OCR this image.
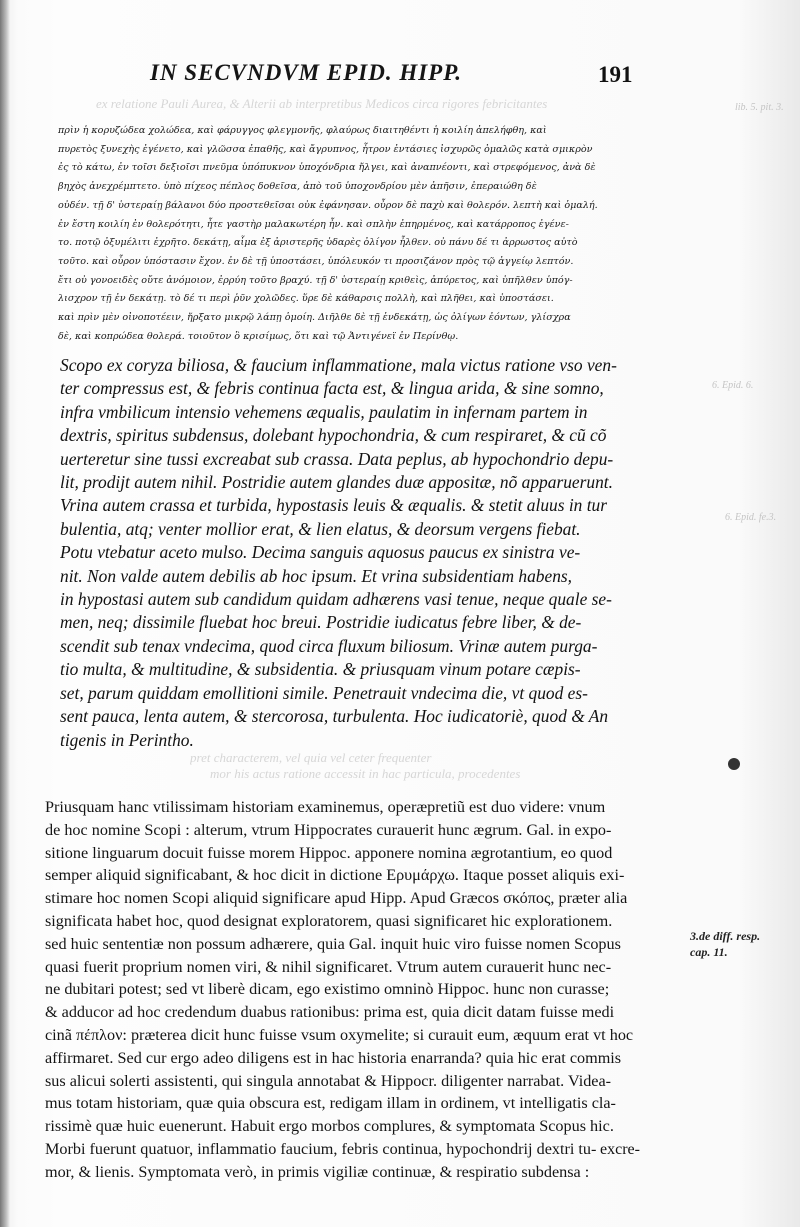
ex relatione Pauli Aurea, & Alterii ab interpretibus Medicos circa rigores febricitantes
pret characterem, vel quia vel ceter frequenter
mor his actus ratione accessit in hac particula, procedentes
lib. 5. pit. 3.
6. Epid. 6.
6. Epid. fe.3.
IN SECVNDVM EPID. HIPP.	191
πρὶν ἡ κορυζώδεα χολώδεα, καὶ φάρυγγος φλεγμονῆς, φλαύρως διαιτηθέντι ἡ κοιλίη ἀπελήφθη, καὶ
πυρετὸς ξυνεχὴς ἐγένετο, καὶ γλῶσσα ἐπαθῆς, καὶ ἄγρυπνος, ἦτρον ἐντάσιες ἰσχυρῶς ὁμαλῶς κατὰ σμικρὸν
ἐς τὸ κάτω, ἐν τοῖσι δεξιοῖσι πνεῦμα ὑπόπυκνον ὑποχόνδρια ἤλγει, καὶ ἀναπνέοντι, καὶ στρεφόμενος, ἀνὰ δὲ
βηχὸς ἀνεχρέμπτετο. ὑπὸ πίχεος πέπλος δοθεῖσα, ἀπὸ τοῦ ὑποχονδρίου μὲν ἀπῆσιν, ἐπεραιώθη δὲ
οὐδέν. τῇ δ' ὑστεραίῃ βάλανοι δύο προστεθεῖσαι οὐκ ἐφάνησαν. οὖρον δὲ παχὺ καὶ θολερόν. λεπτὴ καὶ ὁμαλή.
ἐν ἔστη κοιλίη ἐν θολερότητι, ἦτε γαστὴρ μαλακωτέρη ἦν. καὶ σπλὴν ἐπηρμένος, καὶ κατάρροπος ἐγένε-
το. ποτῷ ὀξυμέλιτι ἐχρῆτο. δεκάτῃ, αἷμα ἐξ ἀριστερῆς ὑδαρὲς ὀλίγον ἦλθεν. οὐ πάνυ δέ τι ἀρρωστος αὐτὸ
τοῦτο. καὶ οὖρον ὑπόστασιν ἔχον. ἐν δὲ τῇ ὑποστάσει, ὑπόλευκόν τι προσιζάνον πρὸς τῷ ἀγγείῳ λεπτόν.
ἔτι οὐ γονοειδὲς οὔτε ἀνόμοιον, ἐρρύη τοῦτο βραχύ. τῇ δ' ὑστεραίῃ κριθεὶς, ἀπύρετος, καὶ ὑπῆλθεν ὑπόγ-
λισχρον τῇ ἐν δεκάτῃ. τὸ δέ τι περὶ ῥῦν χολῶδες. ὕρε δὲ κάθαρσις πολλὴ, καὶ πλῆθει, καὶ ὑποστάσει.
καὶ πρὶν μὲν οἰνοποτέειν, ἤρξατο μικρῷ λάπῃ ὁμοίη. Διῆλθε δὲ τῇ ἑνδεκάτῃ, ὡς ὀλίγων ἐόντων, γλίσχρα
δὲ, καὶ κοπρώδεα θολερά. τοιοῦτον ὃ κρισίμως, ὅτι καὶ τῷ Ἀντιγένεϊ ἐν Περίνθῳ.
Scopo ex coryza biliosa, & faucium inflammatione, mala victus ratione vso ven-
ter compressus est, & febris continua facta est, & lingua arida, & sine somno,
infra vmbilicum intensio vehemens æqualis, paulatim in infernam partem in
dextris, spiritus subdensus, dolebant hypochondria, & cum respiraret, & cũ cõ
uerteretur sine tussi excreabat sub crassa. Data peplus, ab hypochondrio depu-
lit, prodijt autem nihil. Postridie autem glandes duæ appositæ, nõ apparuerunt.
Vrina autem crassa et turbida, hypostasis leuis & æqualis. & stetit aluus in tur
bulentia, atq; venter mollior erat, & lien elatus, & deorsum vergens fiebat.
Potu vtebatur aceto mulso. Decima sanguis aquosus paucus ex sinistra ve-
nit. Non valde autem debilis ab hoc ipsum. Et vrina subsidentiam habens,
in hypostasi autem sub candidum quidam adhærens vasi tenue, neque quale se-
men, neq; dissimile fluebat hoc breui. Postridie iudicatus febre liber, & de-
scendit sub tenax vndecima, quod circa fluxum biliosum. Vrinæ autem purga-
tio multa, & multitudine, & subsidentia. & priusquam vinum potare cæpis-
set, parum quiddam emollitioni simile. Penetrauit vndecima die, vt quod es-
sent pauca, lenta autem, & stercorosa, turbulenta. Hoc iudicatoriè, quod & An
tigenis in Perintho.
Priusquam hanc vtilissimam historiam examinemus, operæpretiũ est duo videre: vnum
de hoc nomine Scopi : alterum, vtrum Hippocrates curauerit hunc ægrum. Gal. in expo-
sitione linguarum docuit fuisse morem Hippoc. apponere nomina ægrotantium, eo quod
semper aliquid significabant, & hoc dicit in dictione Ερυμάρχω. Itaque posset aliquis exi-
stimare hoc nomen Scopi aliquid significare apud Hipp. Apud Græcos σκόπος, præter alia
significata habet hoc, quod designat exploratorem, quasi significaret hic explorationem.
sed huic sententiæ non possum adhærere, quia Gal. inquit huic viro fuisse nomen Scopus
quasi fuerit proprium nomen viri, & nihil significaret. Vtrum autem curauerit hunc nec-
ne dubitari potest; sed vt liberè dicam, ego existimo omninò Hippoc. hunc non curasse;
& adducor ad hoc credendum duabus rationibus: prima est, quia dicit datam fuisse medi
cinã πέπλον: præterea dicit hunc fuisse vsum oxymelite; si curauit eum, æquum erat vt hoc
affirmaret. Sed cur ergo adeo diligens est in hac historia enarranda? quia hic erat commis
sus alicui solerti assistenti, qui singula annotabat & Hippocr. diligenter narrabat. Videa-
mus totam historiam, quæ quia obscura est, redigam illam in ordinem, vt intelligatis cla-
rissimè quæ huic euenerunt. Habuit ergo morbos complures, & symptomata Scopus hic.
Morbi fuerunt quatuor, inflammatio faucium, febris continua, hypochondrij dextri tu-
mor, & lienis. Symptomata verò, in primis vigiliæ continuæ, & respiratio subdensa :
3.de diff. resp.
cap. 11.
excre-
